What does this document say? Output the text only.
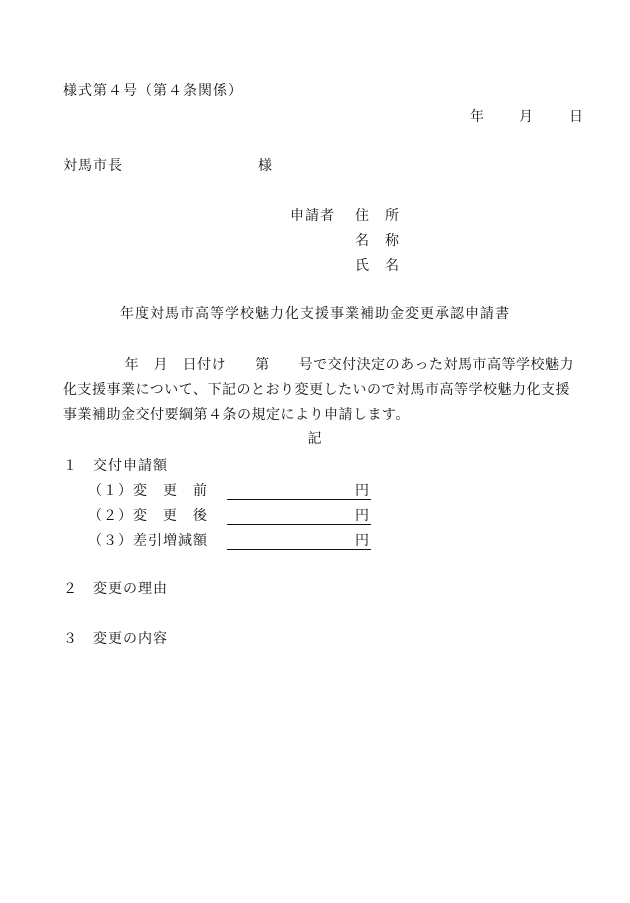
様式第４号（第４条関係）
年 月	日
対馬市長	様
申請者 住　所
名　称
氏　名
年度対馬市高等学校魅力化支援事業補助金変更承認申請書
年　月　日付け　　第　　号で交付決定のあった対馬市高等学校魅力化支援事業について、下記のとおり変更したいので対馬市高等学校魅力化支援事業補助金交付要綱第４条の規定により申請します。
記
１　交付申請額
（１）変　更　前	円
（２）変　更　後	円
（３）差引増減額	円
２　変更の理由
３　変更の内容
